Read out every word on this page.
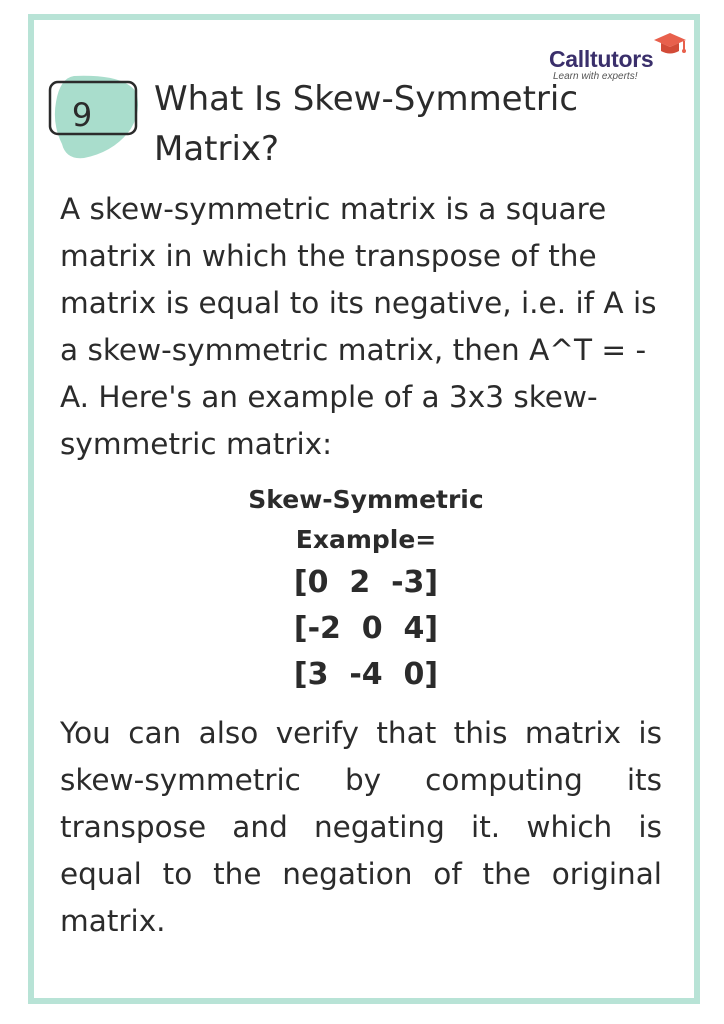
Calltutors
Learn with experts!
9 What Is Skew-Symmetric Matrix?

A skew-symmetric matrix is a square matrix in which the transpose of the matrix is equal to its negative, i.e. if A is a skew-symmetric matrix, then A^T = -A. Here's an example of a 3x3 skew-symmetric matrix:

Skew-Symmetric
Example=
[0  2  -3]
[-2  0  4]
[3  -4  0]

You can also verify that this matrix is skew-symmetric by computing its transpose and negating it. which is equal to the negation of the original matrix.
